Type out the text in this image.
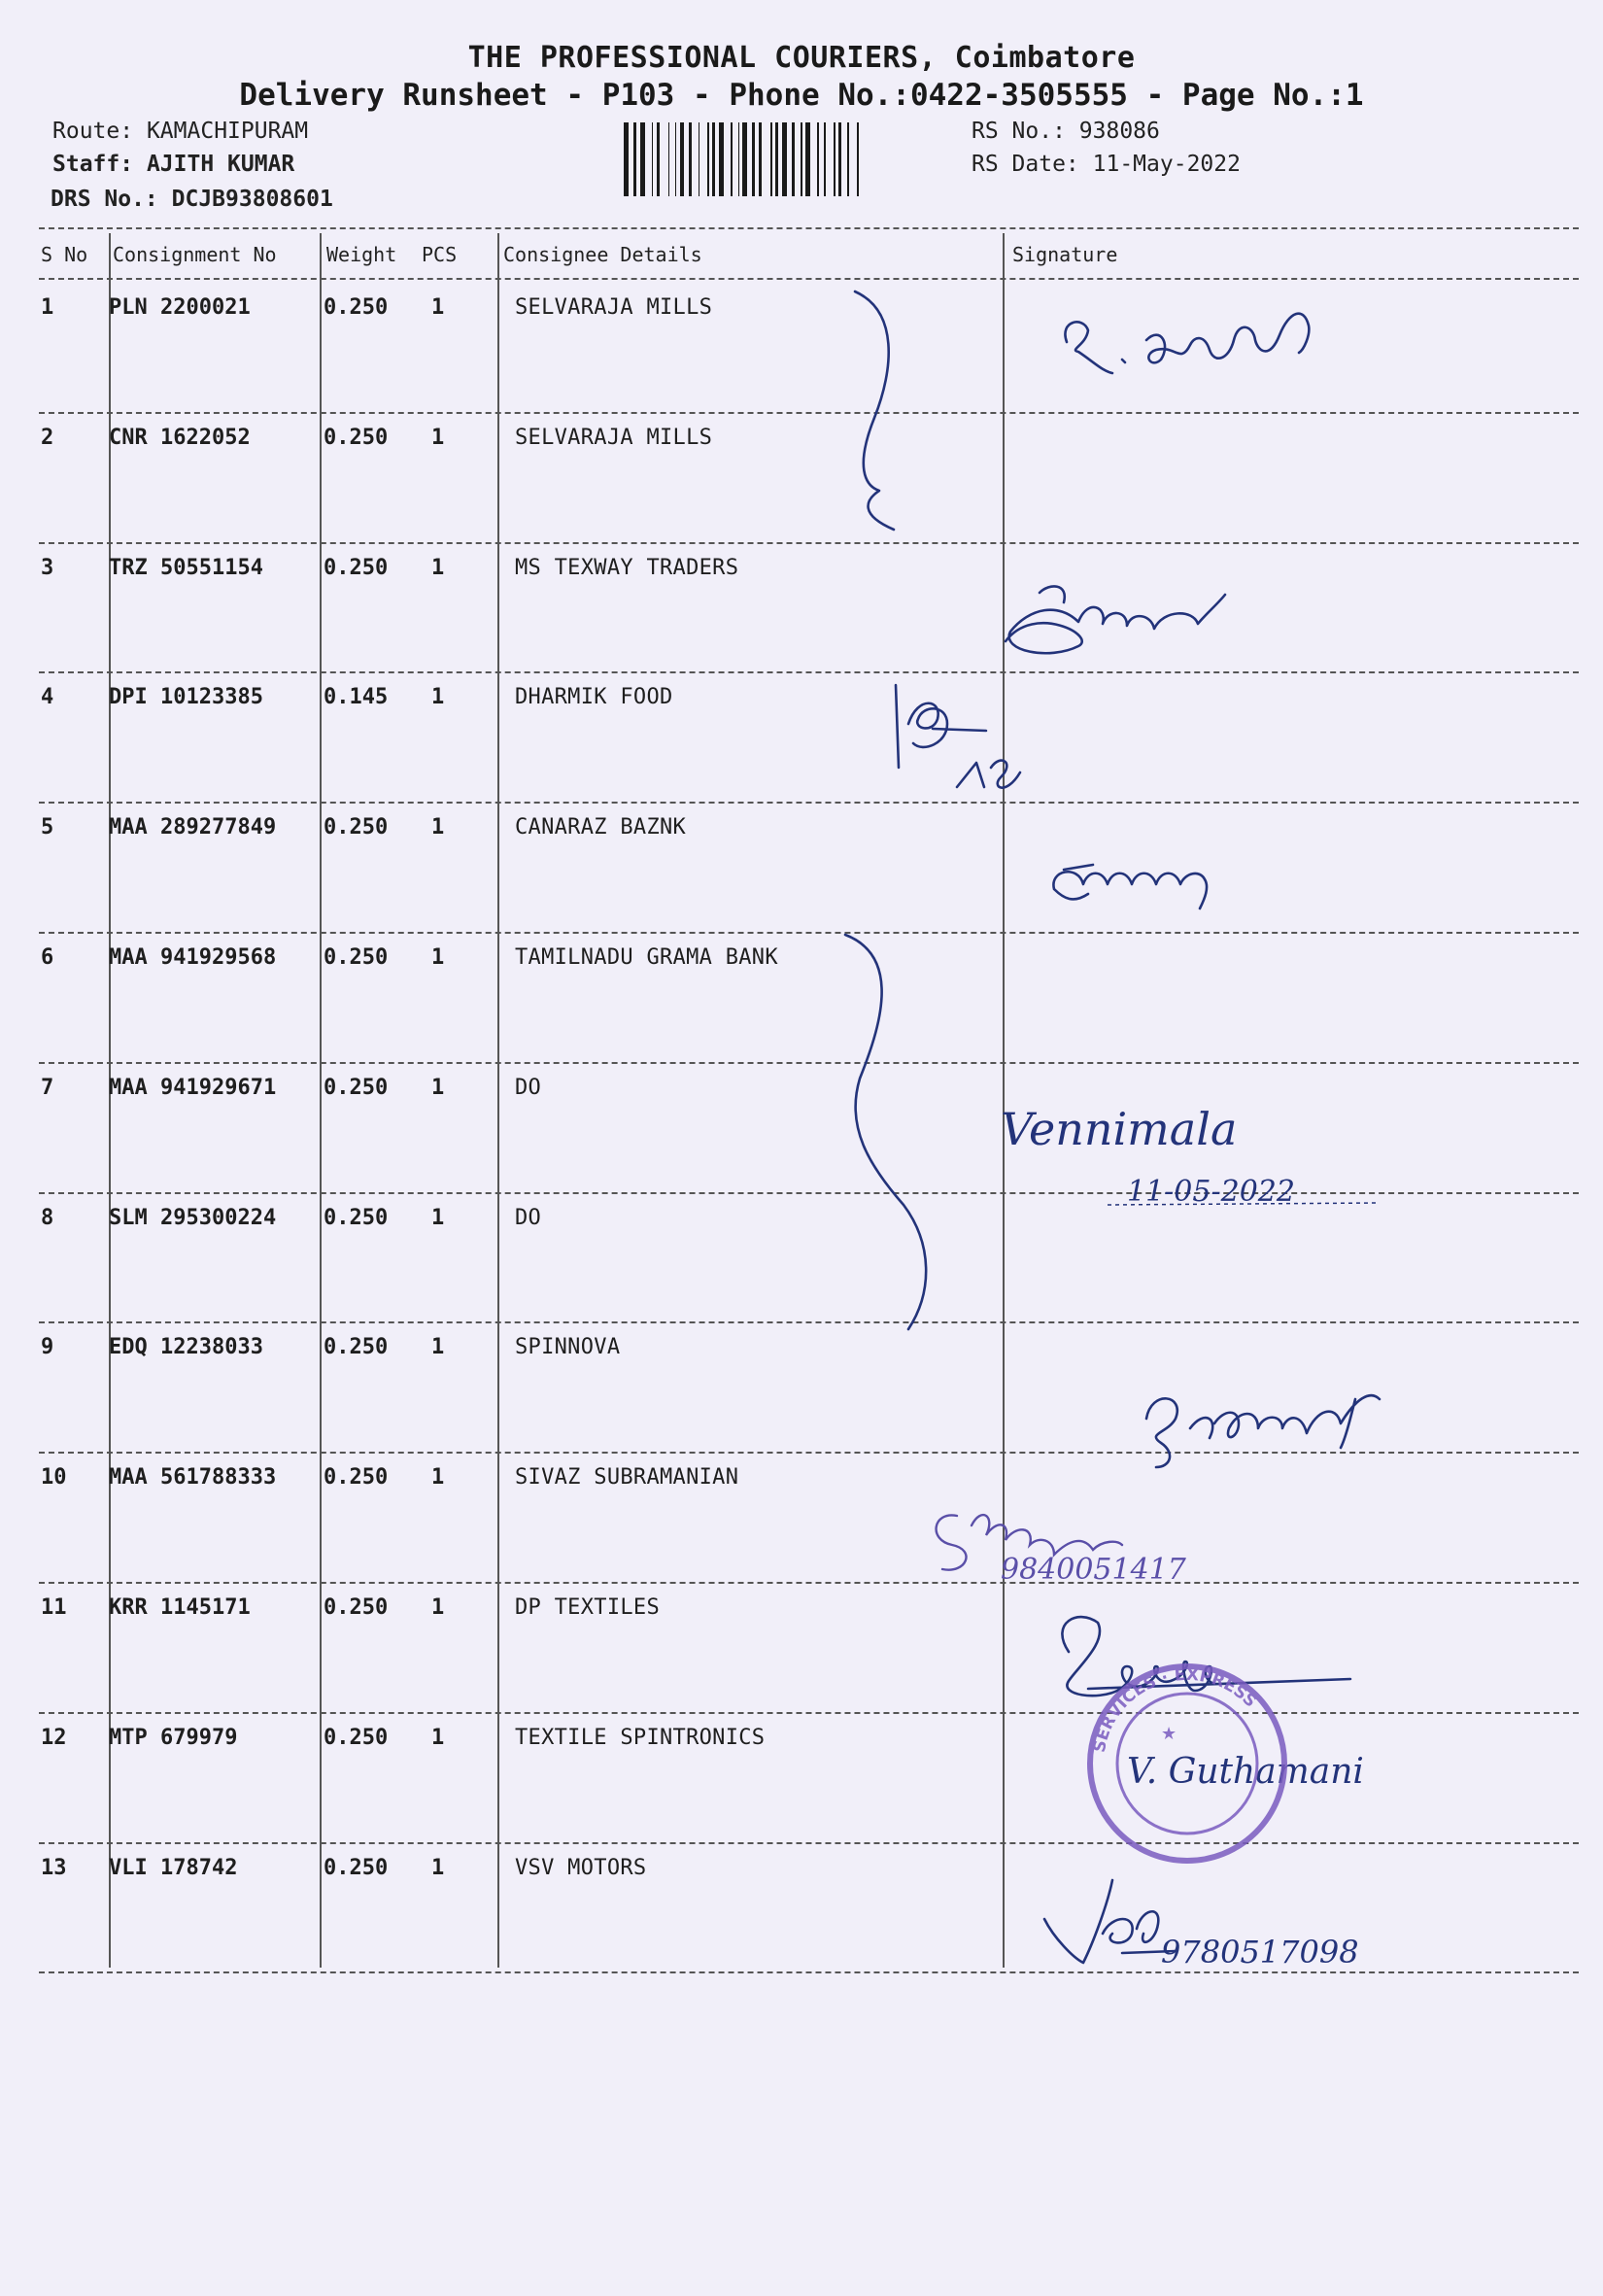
THE PROFESSIONAL COURIERS, Coimbatore
Delivery Runsheet - P103 - Phone No.:0422-3505555 - Page No.:1
Route: KAMACHIPURAM
Staff: AJITH KUMAR
DRS No.: DCJB93808601
RS No.: 938086
RS Date: 11-May-2022
S No Consignment No	Weight PCS Consignee Details	Signature
1	PLN 2200021	0.250 1	SELVARAJA MILLS
2	CNR 1622052	0.250 1	SELVARAJA MILLS
3	TRZ 50551154	0.250 1	MS TEXWAY TRADERS
4	DPI 10123385	0.145 1	DHARMIK FOOD
5	MAA 289277849 0.250 1	CANARAZ BAZNK
6	MAA 941929568 0.250 1	TAMILNADU GRAMA BANK
7	MAA 941929671 0.250 1	DO
8	SLM 295300224 0.250 1	DO
9	EDQ 12238033	0.250 1	SPINNOVA
10 MAA 561788333 0.250 1	SIVAZ SUBRAMANIAN
11 KRR 1145171	0.250 1	DP TEXTILES
12 MTP 679979	0.250 1	TEXTILE SPINTRONICS
13 VLI 178742	0.250 1	VSV MOTORS
Vennimala
11-05-2022
9840051417
9780517098
V. Guthamani
SERVICES · EXPRESS
★
